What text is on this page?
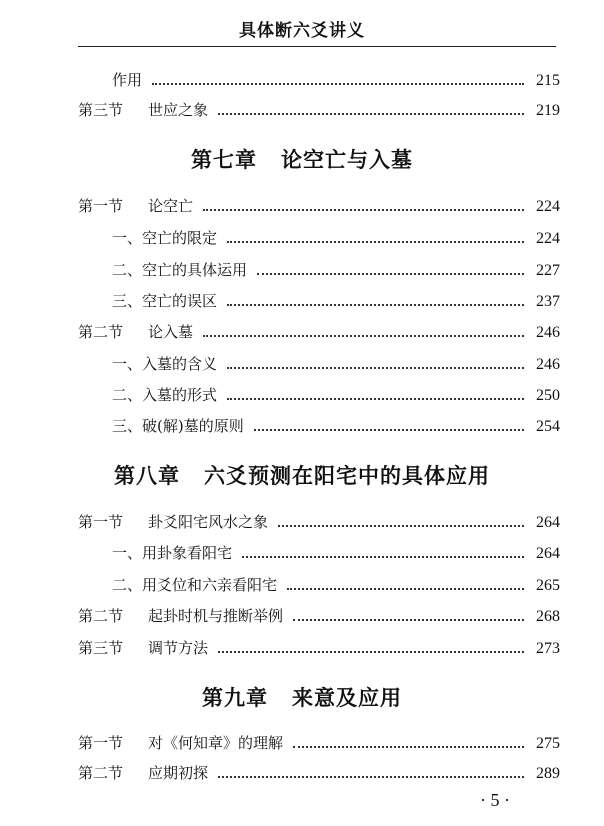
具体断六爻讲义
作用	215
第三节	世应之象	219
第七章 论空亡与入墓
第一节	论空亡	224
一、空亡的限定	224
二、空亡的具体运用	227
三、空亡的误区	237
第二节	论入墓	246
一、入墓的含义	246
二、入墓的形式	250
三、破(解)墓的原则	254
第八章 六爻预测在阳宅中的具体应用
第一节	卦爻阳宅风水之象	264
一、用卦象看阳宅	264
二、用爻位和六亲看阳宅	265
第二节	起卦时机与推断举例	268
第三节	调节方法	273
第九章 来意及应用
第一节	对《何知章》的理解	275
第二节	应期初探	289
· 5 ·
